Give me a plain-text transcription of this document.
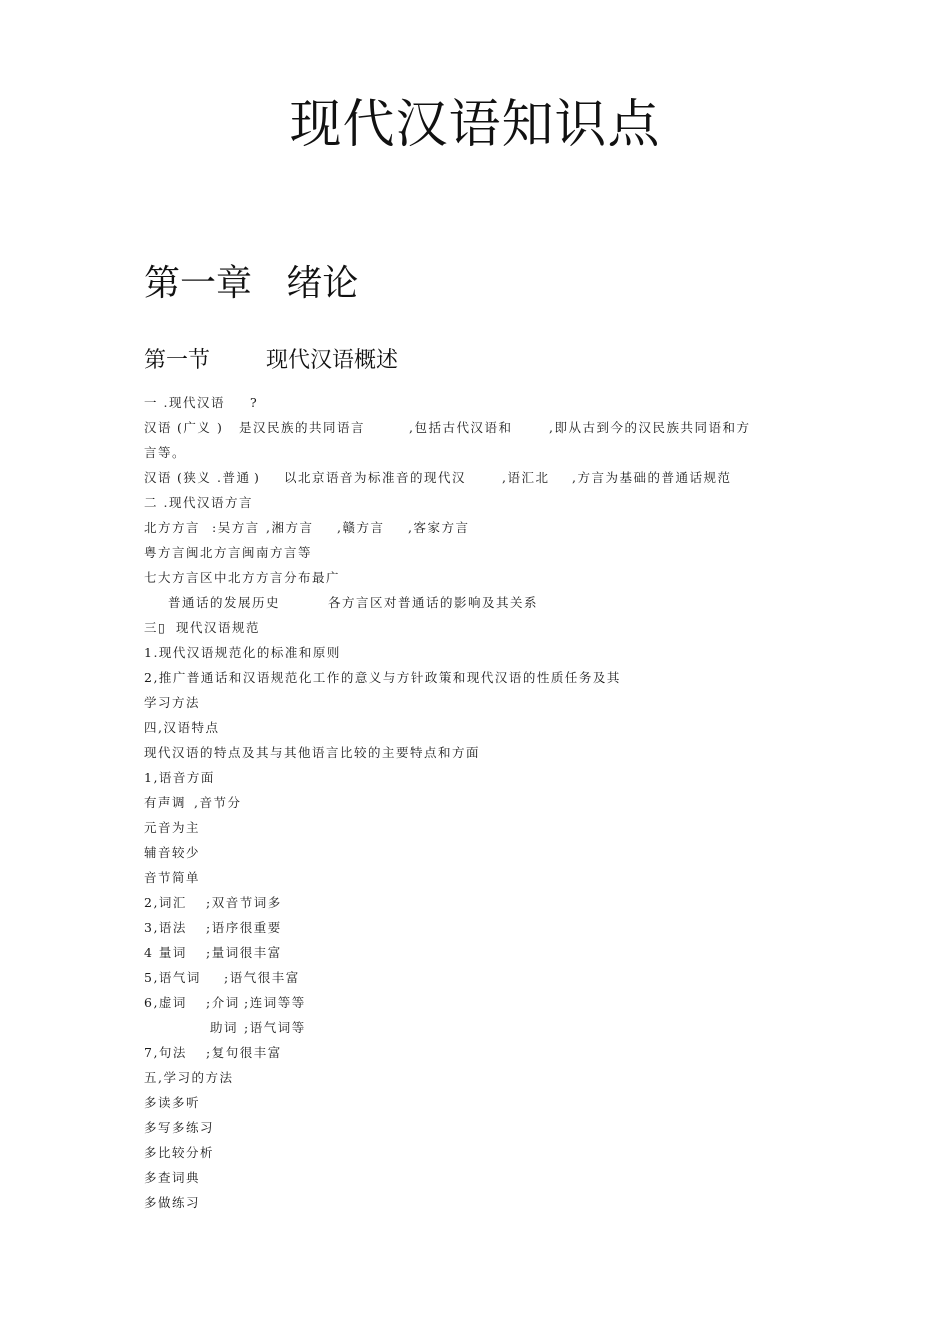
现代汉语知识点
第一章   绪论
第一节        现代汉语概述
一 .现代汉语 ?
汉语 (广义 ) 是汉民族的共同语言	,包括古代汉语和	,即从古到今的汉民族共同语和方
言等。
汉语 (狭义 .普通 ) 以北京语音为标准音的现代汉	,语汇北 ,方言为基础的普通话规范
二 .现代汉语方言
北方方言 :吴方言 ,湘方言 ,赣方言 ,客家方言
粤方言闽北方言闽南方言等
七大方言区中北方方言分布最广
普通话的发展历史	各方言区对普通话的影响及其关系
三 ▯ 现代汉语规范
1.现代汉语规范化的标准和原则
2,推广普通话和汉语规范化工作的意义与方针政策和现代汉语的性质任务及其
学习方法
四 ,汉语特点
现代汉语的特点及其与其他语言比较的主要特点和方面
1,语音方面
有声调 ,音节分
元音为主
辅音较少
音节简单
2,词汇 ;双音节词多
3,语法 ;语序很重要
4 量词 ;量词很丰富
5,语气词 ;语气很丰富
6,虚词 ;介词 ;连词等等
助词 ;语气词等
7,句法 ;复句很丰富
五 ,学习的方法
多读多听
多写多练习
多比较分析
多查词典
多做练习
